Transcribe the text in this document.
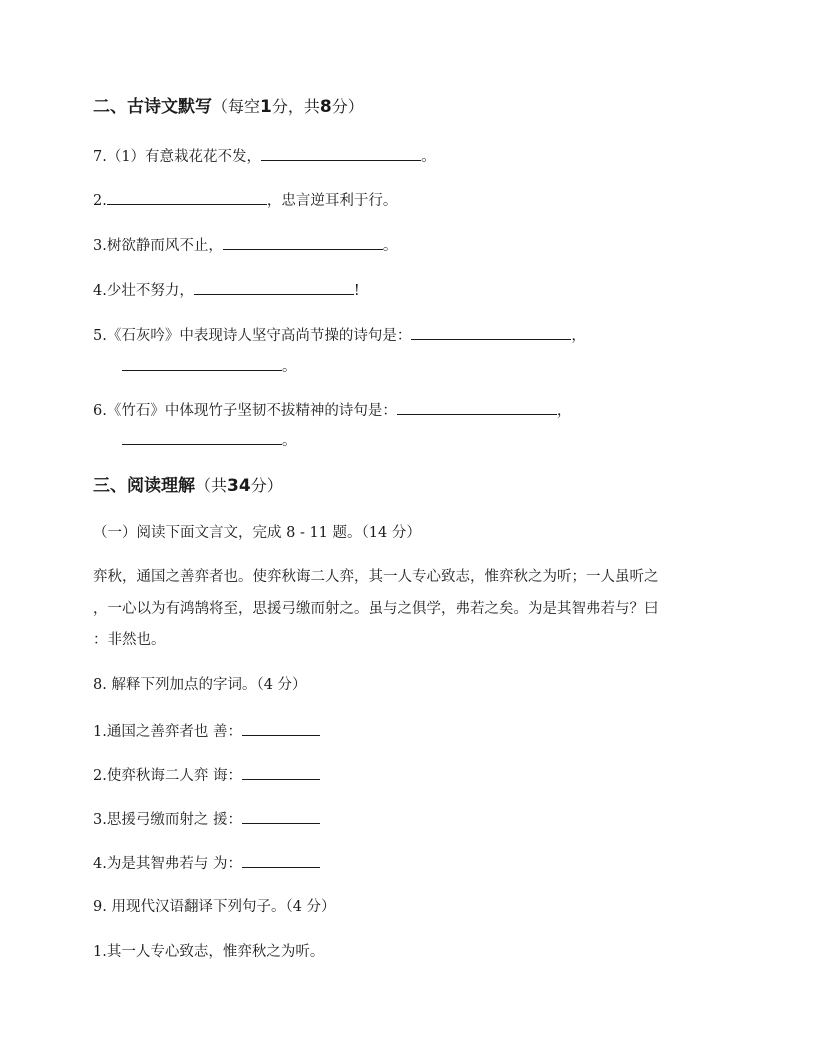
二、古诗文默写（每空1分，共8分）
7.（1）有意栽花花不发，	。
2.	，忠言逆耳利于行。
3.树欲静而风不止，	。
4.少壮不努力，	!
5.《石灰吟》中表现诗人坚守高尚节操的诗句是：	，
。
6.《竹石》中体现竹子坚韧不拔精神的诗句是：	，
。
三、阅读理解（共34分）
（一）阅读下面文言文，完成 8 - 11 题。（14 分）
弈秋，通国之善弈者也。使弈秋诲二人弈，其一人专心致志，惟弈秋之为听；一人虽听之
，一心以为有鸿鹄将至，思援弓缴而射之。虽与之俱学，弗若之矣。为是其智弗若与？曰
：非然也。
8. 解释下列加点的字词。（4 分）
1.通国之善弈者也 善：
2.使弈秋诲二人弈 诲：
3.思援弓缴而射之 援：
4.为是其智弗若与 为：
9. 用现代汉语翻译下列句子。（4 分）
1.其一人专心致志，惟弈秋之为听。
